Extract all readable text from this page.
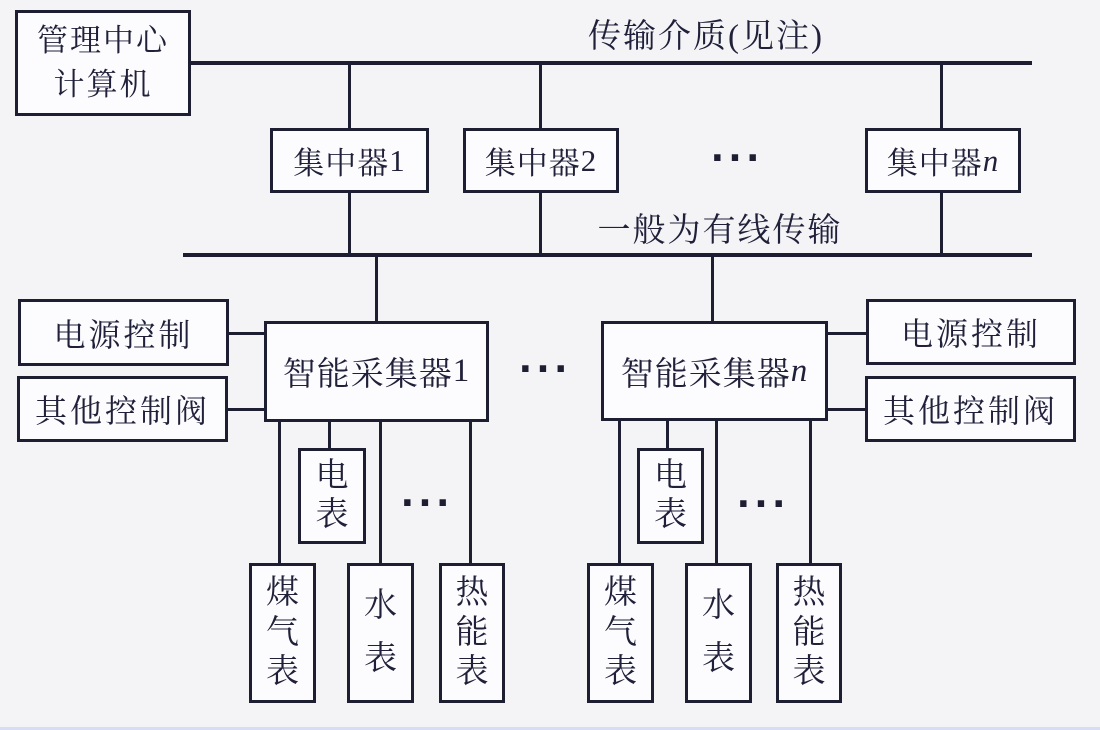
传输介质(见注)
一般为有线传输
管理中心
计算机
集中器 1	集中器 2	···	集中器 n
智能采集器 1	···	智能采集器 n
电源控制
其他控制阀
电源控制
其他控制阀
电
表	···
煤
气
表
水
表
热
能
表
电
表	···
煤
气
表
水
表
热
能
表
